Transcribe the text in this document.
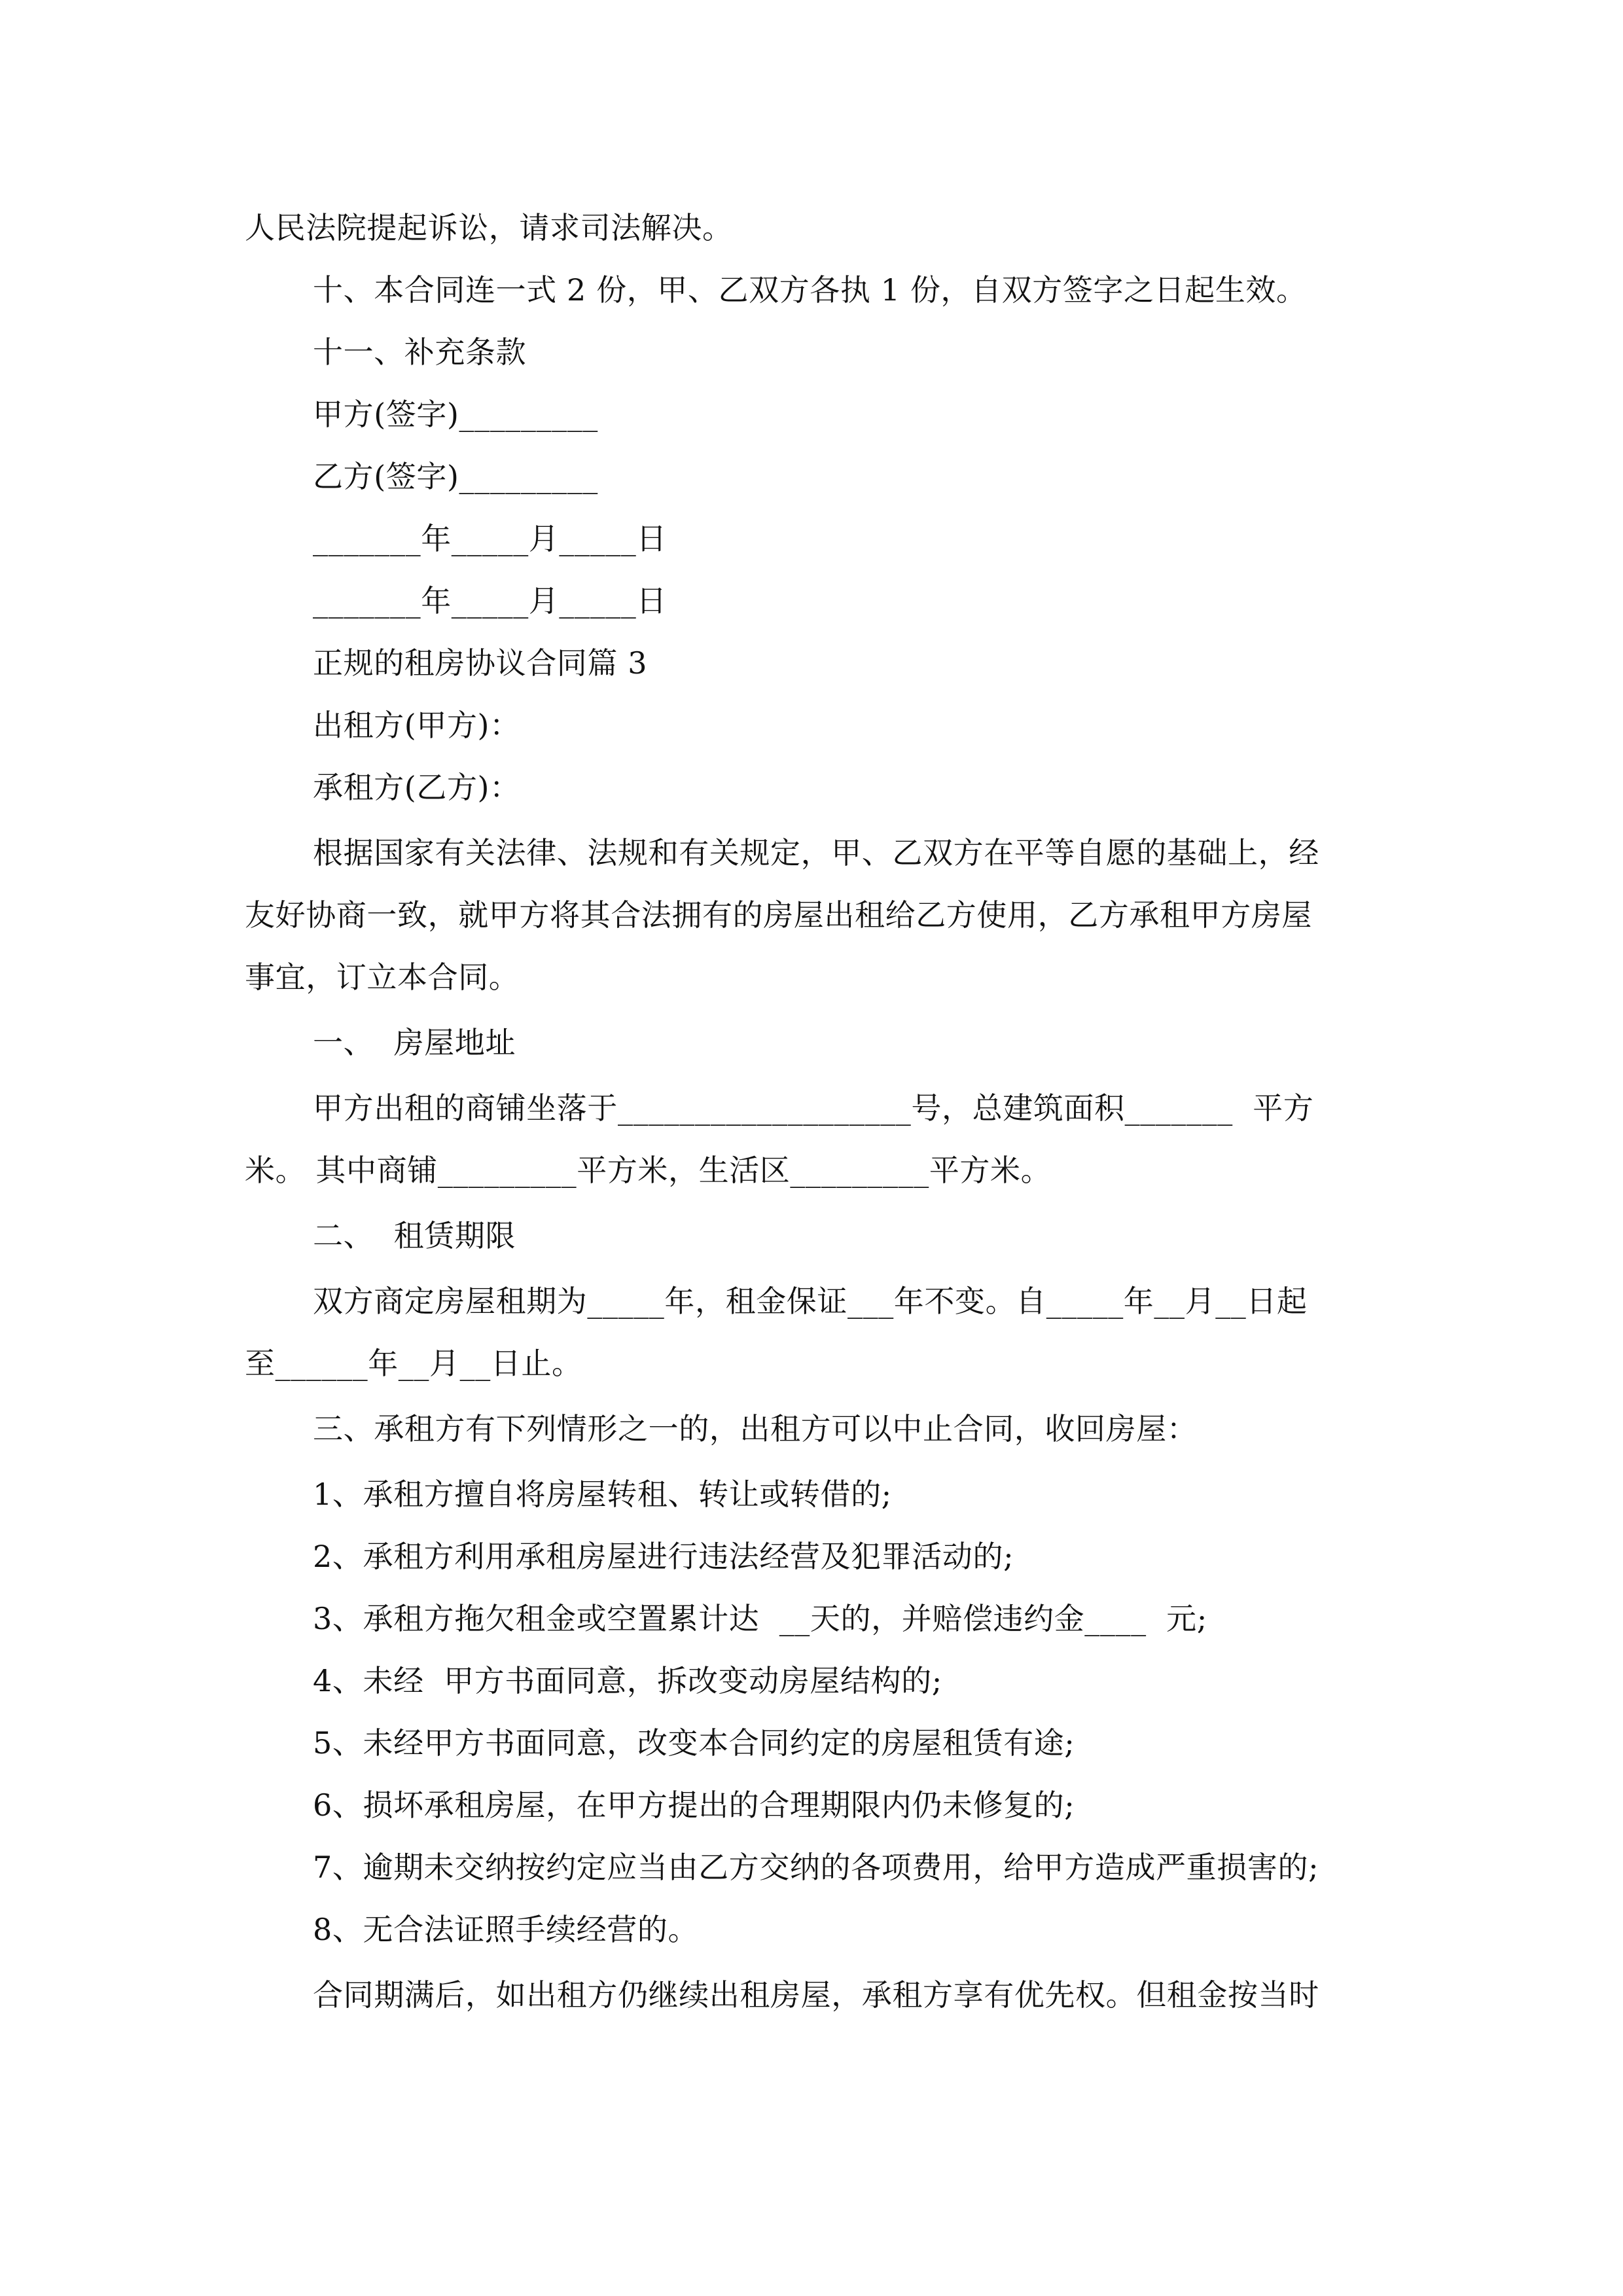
人民法院提起诉讼，请求司法解决。
十、本合同连一式 2 份，甲、乙双方各执 1 份，自双方签字之日起生效。
十一、补充条款
甲方(签字)_________
乙方(签字)_________
_______年_____月_____日
_______年_____月_____日
正规的租房协议合同篇 3
出租方(甲方)：
承租方(乙方)：
根据国家有关法律、法规和有关规定，甲、乙双方在平等自愿的基础上，经
友好协商一致，就甲方将其合法拥有的房屋出租给乙方使用，乙方承租甲方房屋
事宜，订立本合同。
一、  房屋地址
甲方出租的商铺坐落于___________________号，总建筑面积_______  平方
米。 其中商铺_________平方米，生活区_________平方米。
二、  租赁期限
双方商定房屋租期为_____年，租金保证___年不变。自_____年__月__日起
至______年__月__日止。
三、承租方有下列情形之一的，出租方可以中止合同，收回房屋：
1、承租方擅自将房屋转租、转让或转借的;
2、承租方利用承租房屋进行违法经营及犯罪活动的;
3、承租方拖欠租金或空置累计达  __天的，并赔偿违约金____  元;
4、未经  甲方书面同意，拆改变动房屋结构的;
5、未经甲方书面同意，改变本合同约定的房屋租赁有途;
6、损坏承租房屋，在甲方提出的合理期限内仍未修复的;
7、逾期未交纳按约定应当由乙方交纳的各项费用，给甲方造成严重损害的;
8、无合法证照手续经营的。
合同期满后，如出租方仍继续出租房屋，承租方享有优先权。但租金按当时
